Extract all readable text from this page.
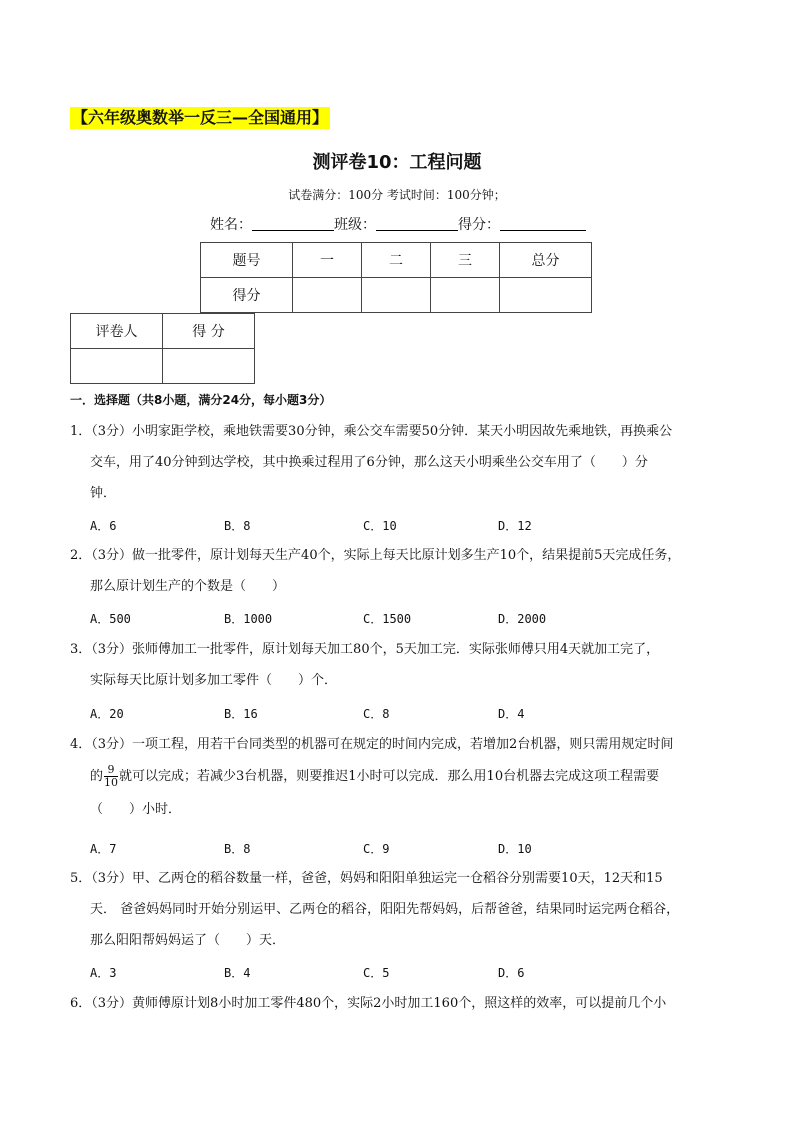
【六年级奥数举一反三—全国通用】
测评卷10：工程问题
试卷满分：100分 考试时间：100分钟；
姓名：	班级：	得分：
题号	一	二	三	总分
得分				
评卷人	得 分

一．选择题（共8小题，满分24分，每小题3分）
1．（3分）小明家距学校，乘地铁需要30分钟，乘公交车需要50分钟．某天小明因故先乘地铁，再换乘公
交车，用了40分钟到达学校，其中换乘过程用了6分钟，那么这天小明乘坐公交车用了（　　）分
钟．
A．6	B．8	C．10	D．12
2．（3分）做一批零件，原计划每天生产40个，实际上每天比原计划多生产10个，结果提前5天完成任务，
那么原计划生产的个数是（　　）
A．500	B．1000	C．1500	D．2000
3．（3分）张师傅加工一批零件，原计划每天加工80个，5天加工完．实际张师傅只用4天就加工完了，
实际每天比原计划多加工零件（　　）个．
A．20	B．16	C．8	D．4
4．（3分）一项工程，用若干台同类型的机器可在规定的时间内完成，若增加2台机器，则只需用规定时间
的 $\frac{9}{10}$ 就可以完成；若减少3台机器，则要推迟1小时可以完成．那么用10台机器去完成这项工程需要
（　　）小时．
A．7	B．8	C．9	D．10
5．（3分）甲、乙两仓的稻谷数量一样，爸爸，妈妈和阳阳单独运完一仓稻谷分别需要10天，12天和15
天． 爸爸妈妈同时开始分别运甲、乙两仓的稻谷，阳阳先帮妈妈，后帮爸爸，结果同时运完两仓稻谷，
那么阳阳帮妈妈运了（　　）天．
A．3	B．4	C．5	D．6
6．（3分）黄师傅原计划8小时加工零件480个，实际2小时加工160个，照这样的效率，可以提前几个小
